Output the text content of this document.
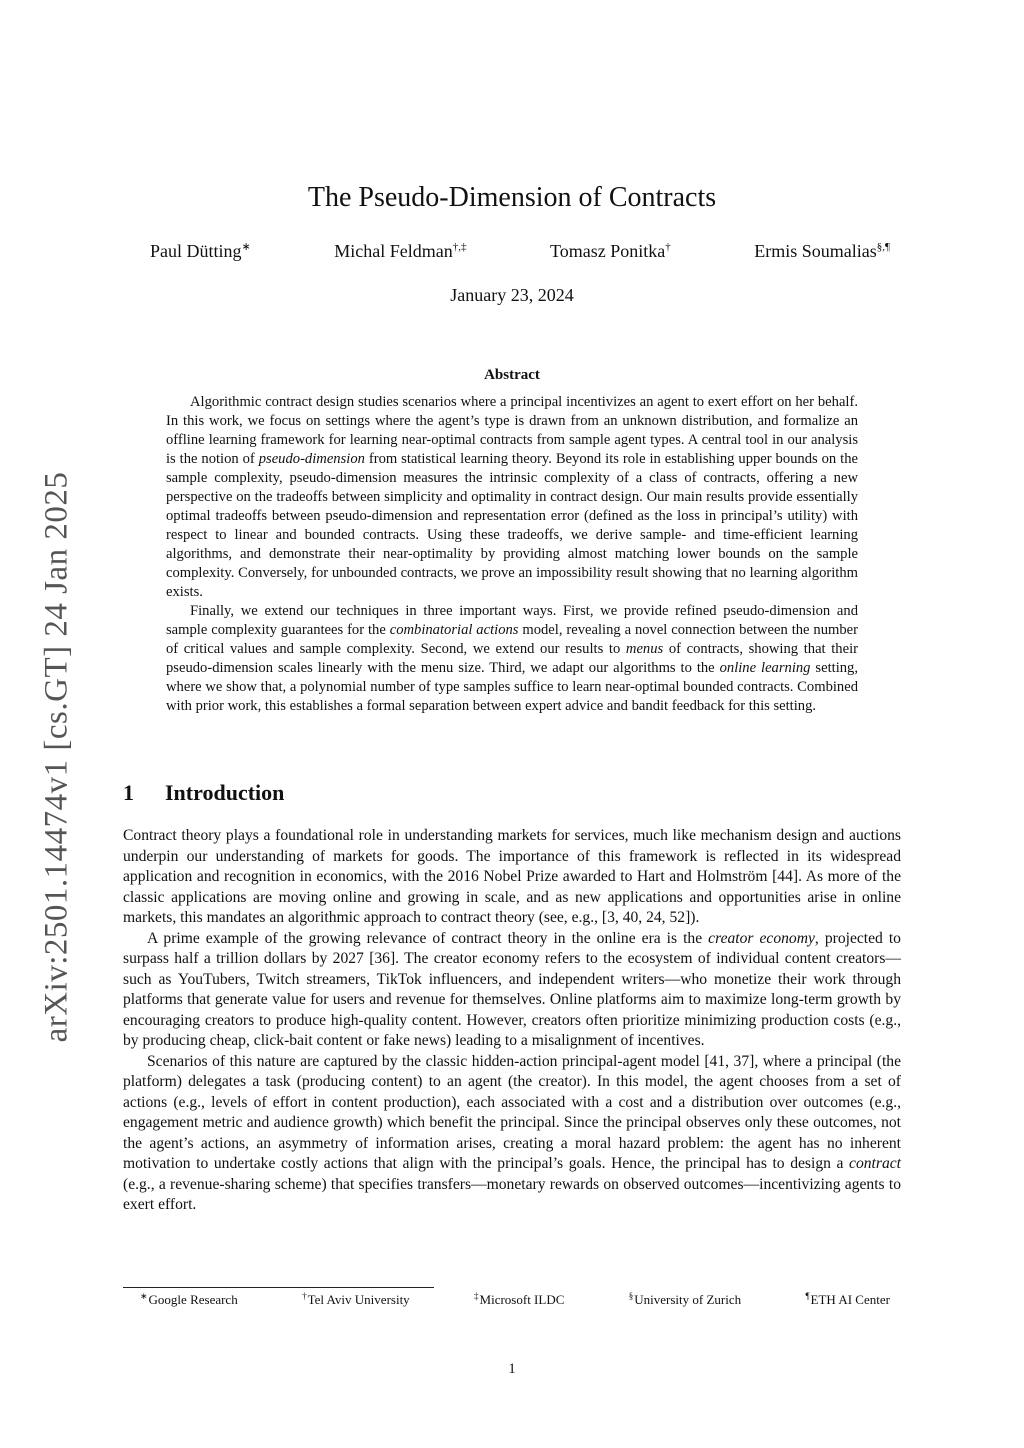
arXiv:2501.14474v1 [cs.GT] 24 Jan 2025
The Pseudo-Dimension of Contracts
Paul Dütting∗	Michal Feldman†,‡	Tomasz Ponitka†	Ermis Soumalias§,¶
January 23, 2024
Abstract

Algorithmic contract design studies scenarios where a principal incentivizes an agent to exert effort on her behalf. In this work, we focus on settings where the agent’s type is drawn from an unknown distribution, and formalize an offline learning framework for learning near-optimal contracts from sample agent types. A central tool in our analysis is the notion of pseudo-dimension from statistical learning theory. Beyond its role in establishing upper bounds on the sample complexity, pseudo-dimension measures the intrinsic complexity of a class of contracts, offering a new perspective on the tradeoffs between simplicity and optimality in contract design. Our main results provide essentially optimal tradeoffs between pseudo-dimension and representation error (defined as the loss in principal’s utility) with respect to linear and bounded contracts. Using these tradeoffs, we derive sample- and time-efficient learning algorithms, and demonstrate their near-optimality by providing almost matching lower bounds on the sample complexity. Conversely, for unbounded contracts, we prove an impossibility result showing that no learning algorithm exists.

Finally, we extend our techniques in three important ways. First, we provide refined pseudo-dimension and sample complexity guarantees for the combinatorial actions model, revealing a novel connection between the number of critical values and sample complexity. Second, we extend our results to menus of contracts, showing that their pseudo-dimension scales linearly with the menu size. Third, we adapt our algorithms to the online learning setting, where we show that, a polynomial number of type samples suffice to learn near-optimal bounded contracts. Combined with prior work, this establishes a formal separation between expert advice and bandit feedback for this setting.

1 Introduction

Contract theory plays a foundational role in understanding markets for services, much like mechanism design and auctions underpin our understanding of markets for goods. The importance of this framework is reflected in its widespread application and recognition in economics, with the 2016 Nobel Prize awarded to Hart and Holmström [44]. As more of the classic applications are moving online and growing in scale, and as new applications and opportunities arise in online markets, this mandates an algorithmic approach to contract theory (see, e.g., [3, 40, 24, 52]).

A prime example of the growing relevance of contract theory in the online era is the creator economy, projected to surpass half a trillion dollars by 2027 [36]. The creator economy refers to the ecosystem of individual content creators—such as YouTubers, Twitch streamers, TikTok influencers, and independent writers—who monetize their work through platforms that generate value for users and revenue for themselves. Online platforms aim to maximize long-term growth by encouraging creators to produce high-quality content. However, creators often prioritize minimizing production costs (e.g., by producing cheap, click-bait content or fake news) leading to a misalignment of incentives.

Scenarios of this nature are captured by the classic hidden-action principal-agent model [41, 37], where a principal (the platform) delegates a task (producing content) to an agent (the creator). In this model, the agent chooses from a set of actions (e.g., levels of effort in content production), each associated with a cost and a distribution over outcomes (e.g., engagement metric and audience growth) which benefit the principal. Since the principal observes only these outcomes, not the agent’s actions, an asymmetry of information arises, creating a moral hazard problem: the agent has no inherent motivation to undertake costly actions that align with the principal’s goals. Hence, the principal has to design a contract (e.g., a revenue-sharing scheme) that specifies transfers—monetary rewards on observed outcomes—incentivizing agents to exert effort.

∗Google Research	†Tel Aviv University	‡Microsoft ILDC	§University of Zurich	¶ETH AI Center
1
